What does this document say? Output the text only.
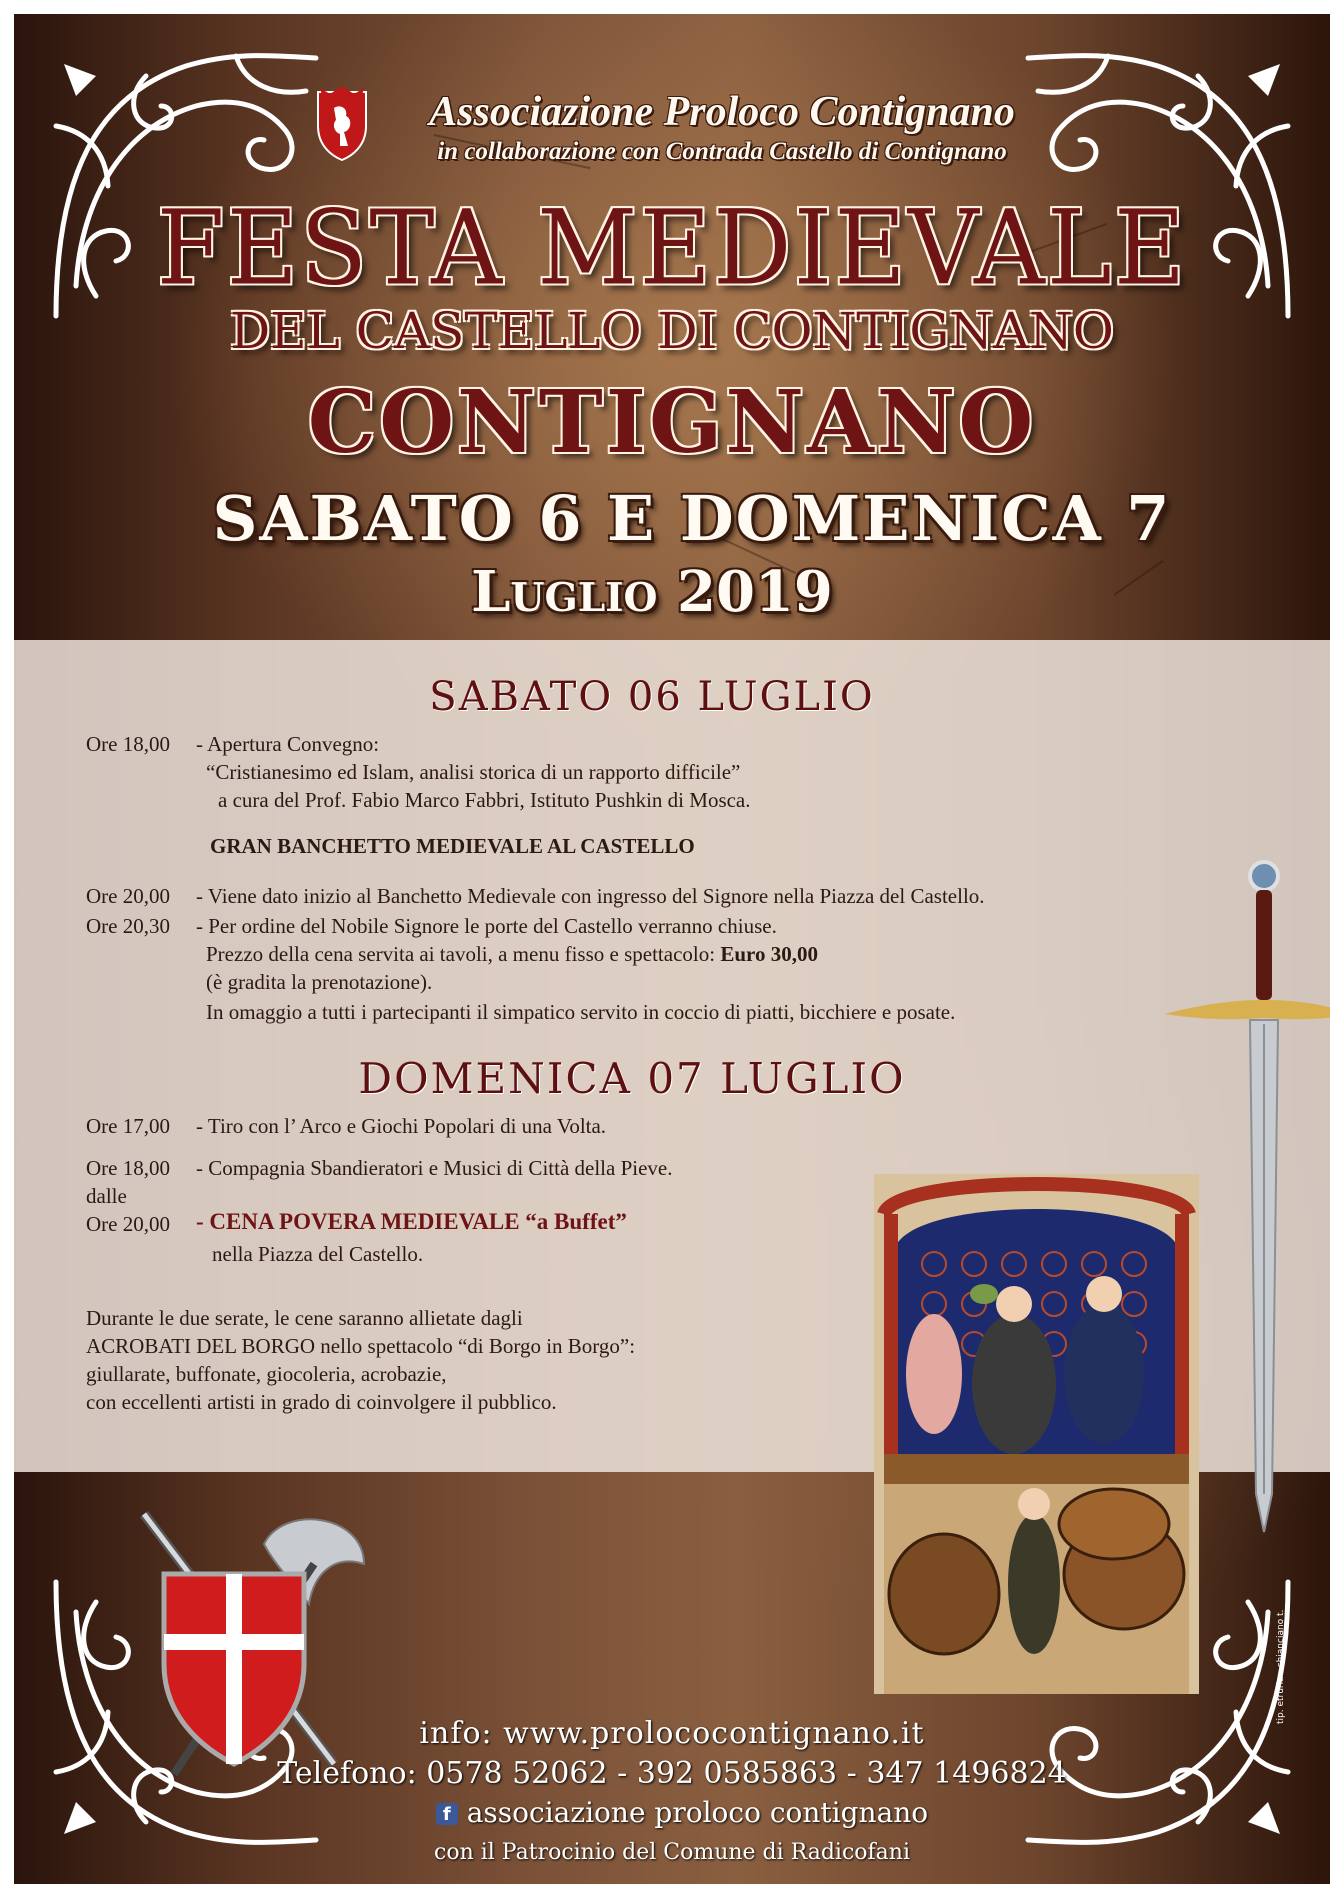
Associazione Proloco Contignano
in collaborazione con Contrada Castello di Contignano
FESTA MEDIEVALE
DEL CASTELLO DI CONTIGNANO
CONTIGNANO
SABATO 6 E DOMENICA 7
Luglio 2019
SABATO 06 LUGLIO
Ore 18,00 - Apertura Convegno:
“Cristianesimo ed Islam, analisi storica di un rapporto difficile”
a cura del Prof. Fabio Marco Fabbri, Istituto Pushkin di Mosca.
GRAN BANCHETTO MEDIEVALE AL CASTELLO
Ore 20,00 - Viene dato inizio al Banchetto Medievale con ingresso del Signore nella Piazza del Castello.
Ore 20,30 - Per ordine del Nobile Signore le porte del Castello verranno chiuse.
Prezzo della cena servita ai tavoli, a menu fisso e spettacolo: Euro 30,00
(è gradita la prenotazione).
In omaggio a tutti i partecipanti il simpatico servito in coccio di piatti, bicchiere e posate.
DOMENICA 07 LUGLIO
Ore 17,00 - Tiro con l’ Arco e Giochi Popolari di una Volta.
Ore 18,00 - Compagnia Sbandieratori e Musici di Città della Pieve.
dalle
Ore 20,00 - CENA POVERA MEDIEVALE “a Buffet”
nella Piazza del Castello.
Durante le due serate, le cene saranno allietate dagli
ACROBATI DEL BORGO nello spettacolo “di Borgo in Borgo”:
giullarate, buffonate, giocoleria, acrobazie,
con eccellenti artisti in grado di coinvolgere il pubblico.
info: www.prolococontignano.it
Telefono: 0578 52062 - 392 0585863 - 347 1496824
f associazione proloco contignano
con il Patrocinio del Comune di Radicofani
tip. etruria - chianciano t.
